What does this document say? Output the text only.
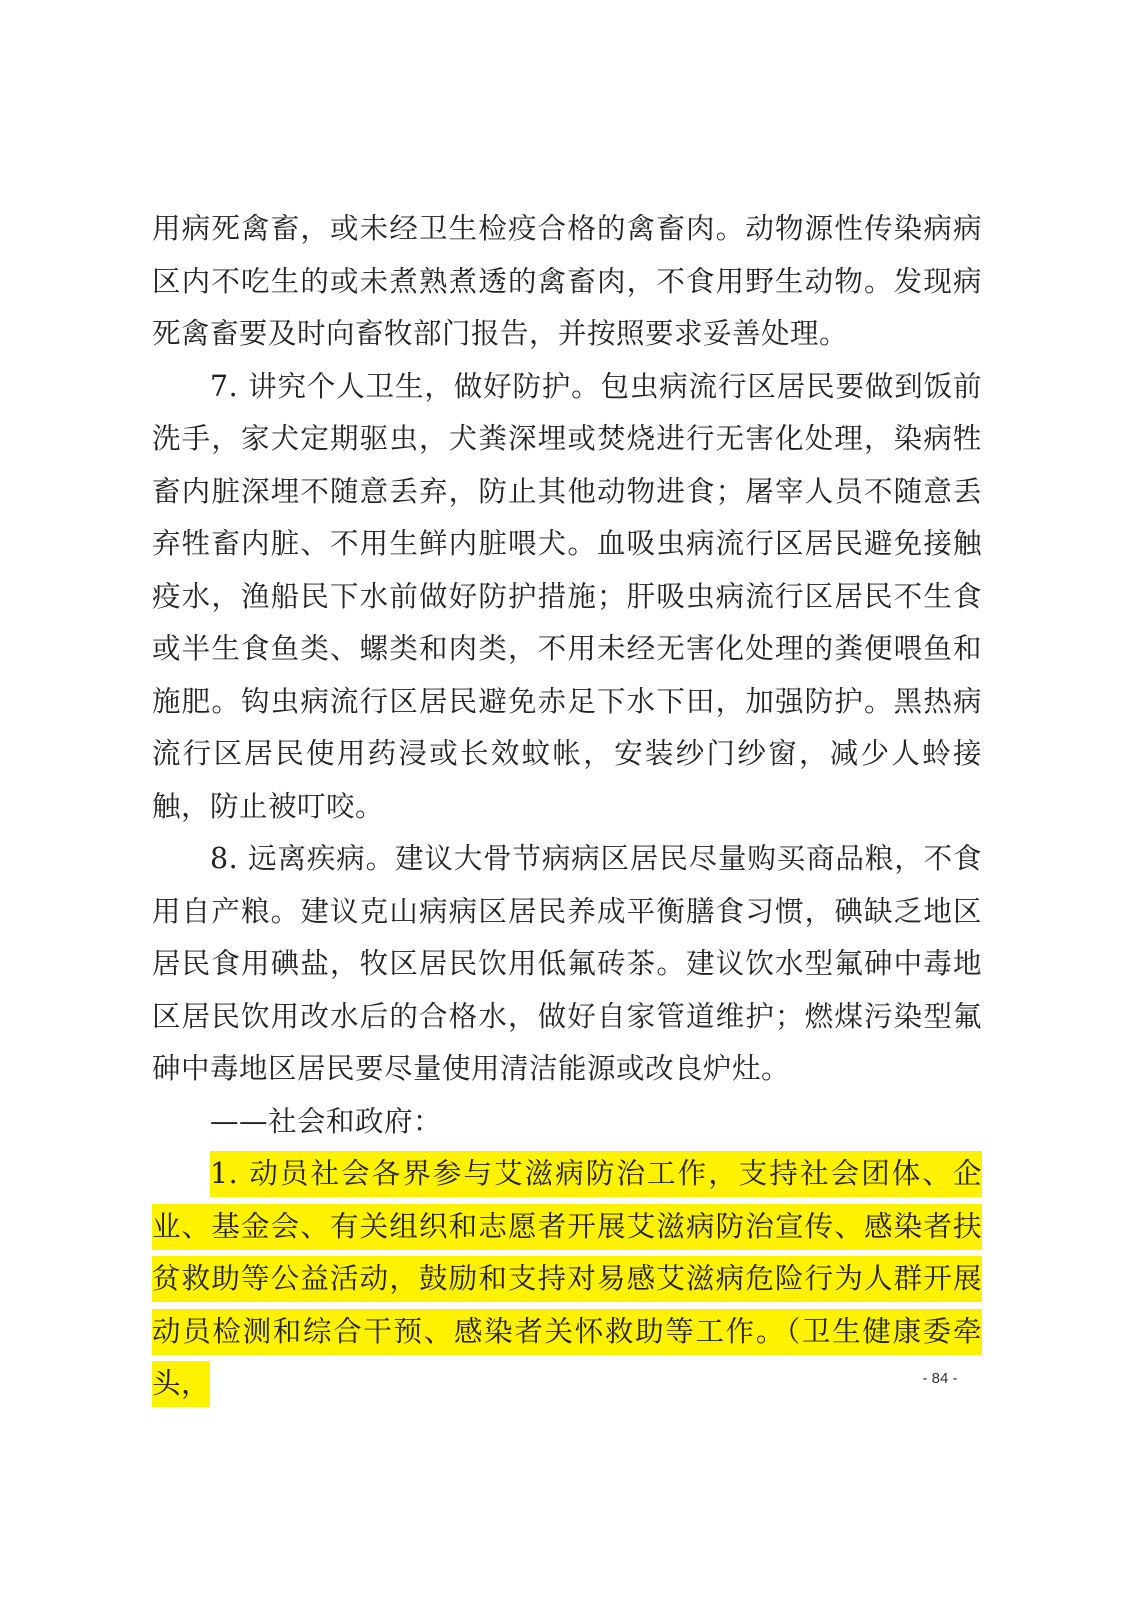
用病死禽畜，或未经卫生检疫合格的禽畜肉。动物源性传染病病区内不吃生的或未煮熟煮透的禽畜肉，不食用野生动物。发现病死禽畜要及时向畜牧部门报告，并按照要求妥善处理。

7. 讲究个人卫生，做好防护。包虫病流行区居民要做到饭前洗手，家犬定期驱虫，犬粪深埋或焚烧进行无害化处理，染病牲畜内脏深埋不随意丢弃，防止其他动物进食；屠宰人员不随意丢弃牲畜内脏、不用生鲜内脏喂犬。血吸虫病流行区居民避免接触疫水，渔船民下水前做好防护措施；肝吸虫病流行区居民不生食或半生食鱼类、螺类和肉类，不用未经无害化处理的粪便喂鱼和施肥。钩虫病流行区居民避免赤足下水下田，加强防护。黑热病流行区居民使用药浸或长效蚊帐，安装纱门纱窗，减少人蛉接触，防止被叮咬。

8. 远离疾病。建议大骨节病病区居民尽量购买商品粮，不食用自产粮。建议克山病病区居民养成平衡膳食习惯，碘缺乏地区居民食用碘盐，牧区居民饮用低氟砖茶。建议饮水型氟砷中毒地区居民饮用改水后的合格水，做好自家管道维护；燃煤污染型氟砷中毒地区居民要尽量使用清洁能源或改良炉灶。

——社会和政府：

1. 动员社会各界参与艾滋病防治工作，支持社会团体、企业、基金会、有关组织和志愿者开展艾滋病防治宣传、感染者扶贫救助等公益活动，鼓励和支持对易感艾滋病危险行为人群开展动员检测和综合干预、感染者关怀救助等工作。（卫生健康委牵头，	- 84 -
